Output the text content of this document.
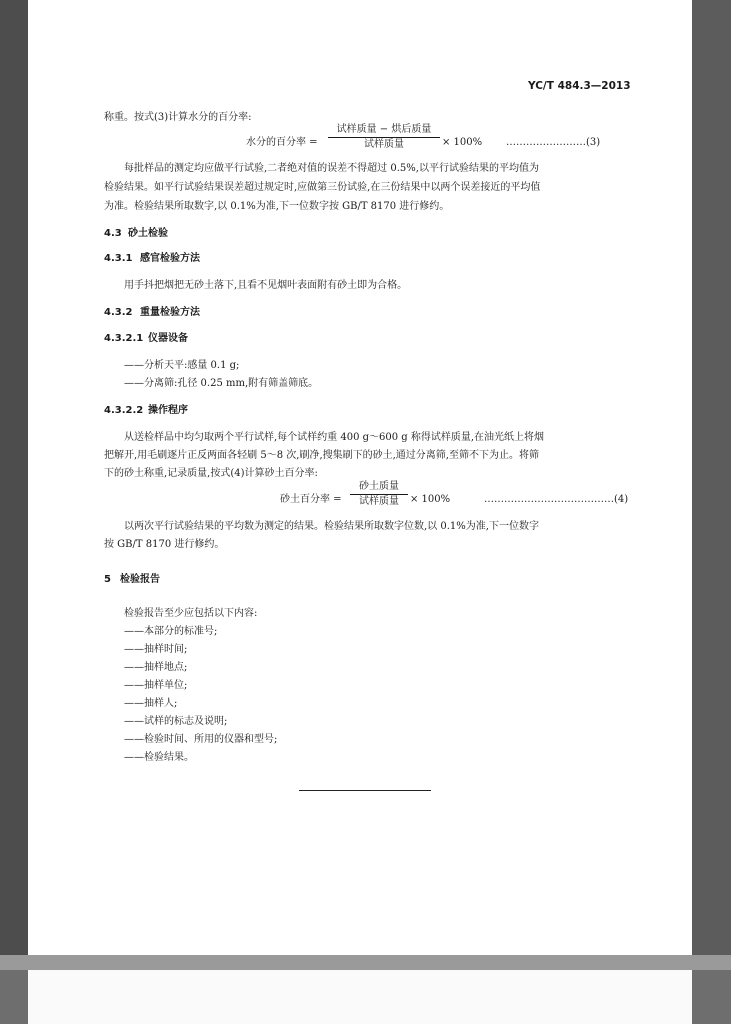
YC/T 484.3—2013
称重。按式(3)计算水分的百分率:
水分的百分率 =
试样质量 − 烘后质量
试样质量	× 100% ……………………(3)
每批样品的测定均应做平行试验,二者绝对值的误差不得超过 0.5%,以平行试验结果的平均值为
检验结果。如平行试验结果误差超过规定时,应做第三份试验,在三份结果中以两个误差接近的平均值
为准。检验结果所取数字,以 0.1%为准,下一位数字按 GB/T 8170 进行修约。
4.3 砂土检验
4.3.1 感官检验方法
用手抖把烟把无砂土落下,且看不见烟叶表面附有砂土即为合格。
4.3.2 重量检验方法
4.3.2.1 仪器设备
——分析天平:感量 0.1 g;
——分离筛:孔径 0.25 mm,附有筛盖筛底。
4.3.2.2 操作程序
从送检样品中均匀取两个平行试样,每个试样约重 400 g～600 g 称得试样质量,在油光纸上将烟
把解开,用毛刷逐片正反两面各轻刷 5～8 次,刷净,搜集刷下的砂土,通过分离筛,至筛不下为止。将筛
下的砂土称重,记录质量,按式(4)计算砂土百分率:
砂土百分率 =
砂土质量
试样质量	× 100%	…………………………………(4)
以两次平行试验结果的平均数为测定的结果。检验结果所取数字位数,以 0.1%为准,下一位数字
按 GB/T 8170 进行修约。
5 检验报告
检验报告至少应包括以下内容:
——本部分的标准号;
——抽样时间;
——抽样地点;
——抽样单位;
——抽样人;
——试样的标志及说明;
——检验时间、所用的仪器和型号;
——检验结果。
